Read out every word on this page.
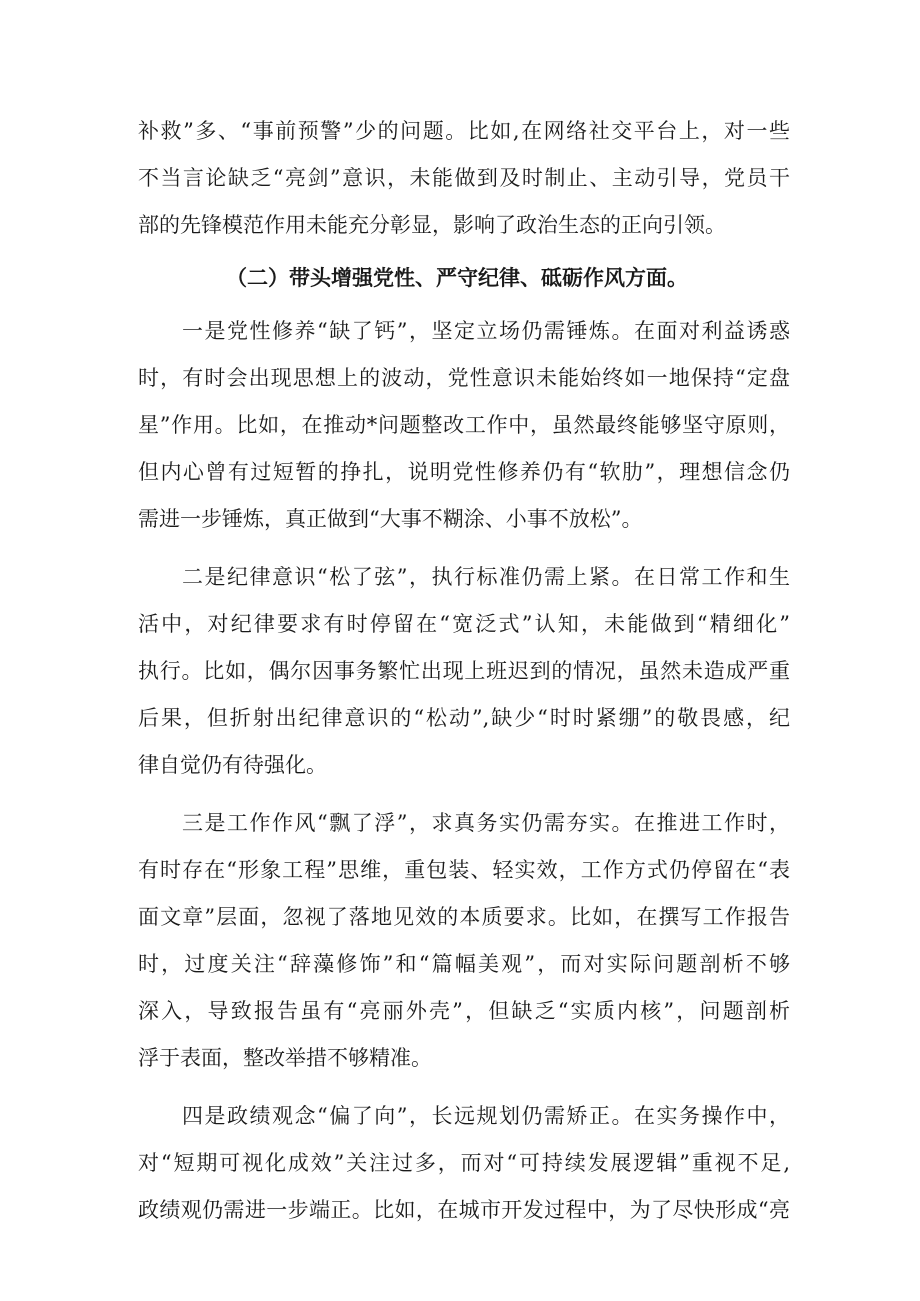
补救”多、“事前预警”少的问题。比如,在网络社交平台上，对一些
不当言论缺乏“亮剑”意识，未能做到及时制止、主动引导，党员干
部的先锋模范作用未能充分彰显，影响了政治生态的正向引领。
（二）带头增强党性、严守纪律、砥砺作风方面。
一是党性修养“缺了钙”，坚定立场仍需锤炼。在面对利益诱惑
时，有时会出现思想上的波动，党性意识未能始终如一地保持“定盘
星”作用。比如，在推动*问题整改工作中，虽然最终能够坚守原则，
但内心曾有过短暂的挣扎，说明党性修养仍有“软肋”，理想信念仍
需进一步锤炼，真正做到“大事不糊涂、小事不放松”。
二是纪律意识“松了弦”，执行标准仍需上紧。在日常工作和生
活中，对纪律要求有时停留在“宽泛式”认知，未能做到“精细化”
执行。比如，偶尔因事务繁忙出现上班迟到的情况，虽然未造成严重
后果，但折射出纪律意识的“松动”,缺少“时时紧绷”的敬畏感，纪
律自觉仍有待强化。
三是工作作风“飘了浮”，求真务实仍需夯实。在推进工作时，
有时存在“形象工程”思维，重包装、轻实效，工作方式仍停留在“表
面文章”层面，忽视了落地见效的本质要求。比如，在撰写工作报告
时，过度关注“辞藻修饰”和“篇幅美观”，而对实际问题剖析不够
深入，导致报告虽有“亮丽外壳”，但缺乏“实质内核”，问题剖析
浮于表面，整改举措不够精准。
四是政绩观念“偏了向”，长远规划仍需矫正。在实务操作中，
对“短期可视化成效”关注过多，而对“可持续发展逻辑”重视不足,
政绩观仍需进一步端正。比如，在城市开发过程中，为了尽快形成“亮
